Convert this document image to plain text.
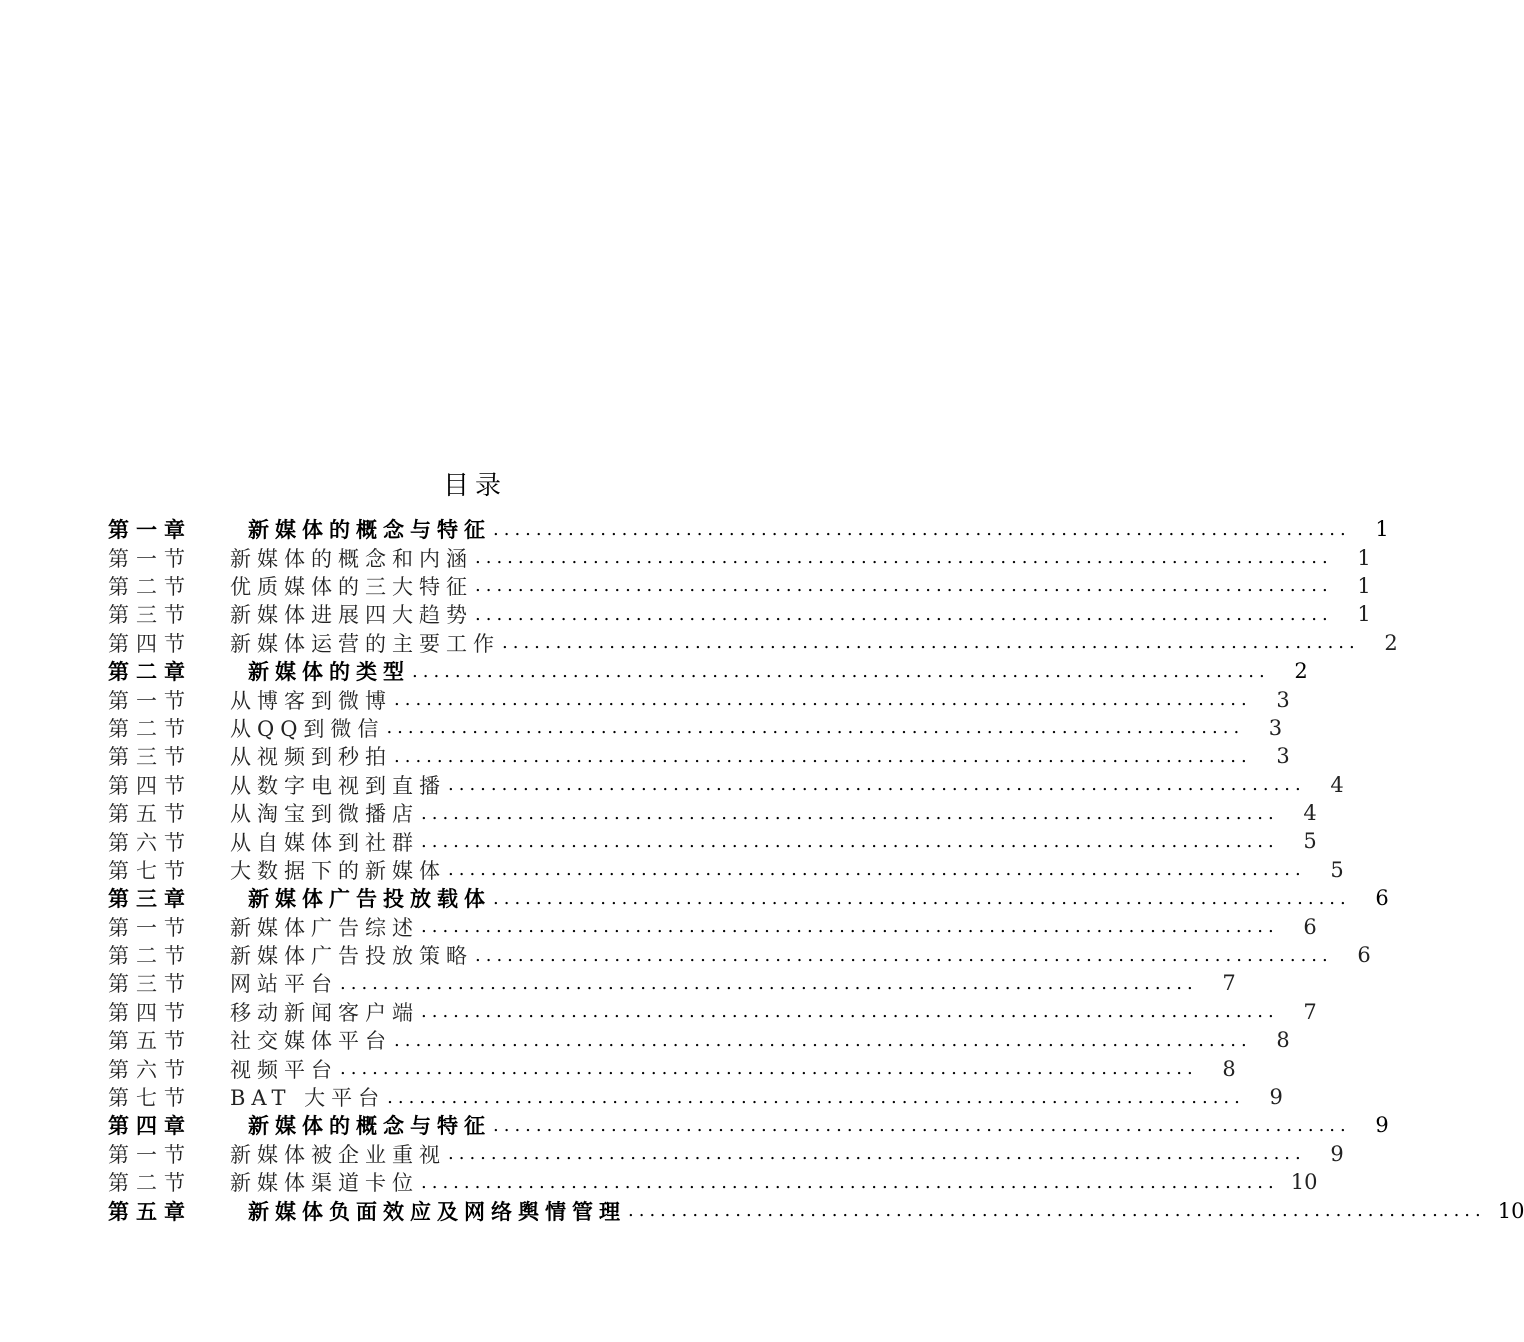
目录
第一章	新媒体的概念与特征 ................................................................................	1
第一节	新媒体的概念和内涵 ................................................................................	1
第二节	优质媒体的三大特征 ................................................................................	1
第三节	新媒体进展四大趋势 ................................................................................	1
第四节	新媒体运营的主要工作 ................................................................................	2
第二章	新媒体的类型 ................................................................................	2
第一节	从博客到微博 ................................................................................	3
第二节	从QQ到微信 ................................................................................	3
第三节	从视频到秒拍 ................................................................................	3
第四节	从数字电视到直播 ................................................................................	4
第五节	从淘宝到微播店 ................................................................................	4
第六节	从自媒体到社群 ................................................................................	5
第七节	大数据下的新媒体 ................................................................................	5
第三章	新媒体广告投放载体 ................................................................................	6
第一节	新媒体广告综述 ................................................................................	6
第二节	新媒体广告投放策略 ................................................................................	6
第三节	网站平台 ................................................................................	7
第四节	移动新闻客户端 ................................................................................	7
第五节	社交媒体平台 ................................................................................	8
第六节	视频平台 ................................................................................	8
第七节	BAT 大平台 ................................................................................	9
第四章	新媒体的概念与特征 ................................................................................	9
第一节	新媒体被企业重视 ................................................................................	9
第二节	新媒体渠道卡位 ................................................................................ 10
第五章	新媒体负面效应及网络舆情管理 ................................................................................ 10
